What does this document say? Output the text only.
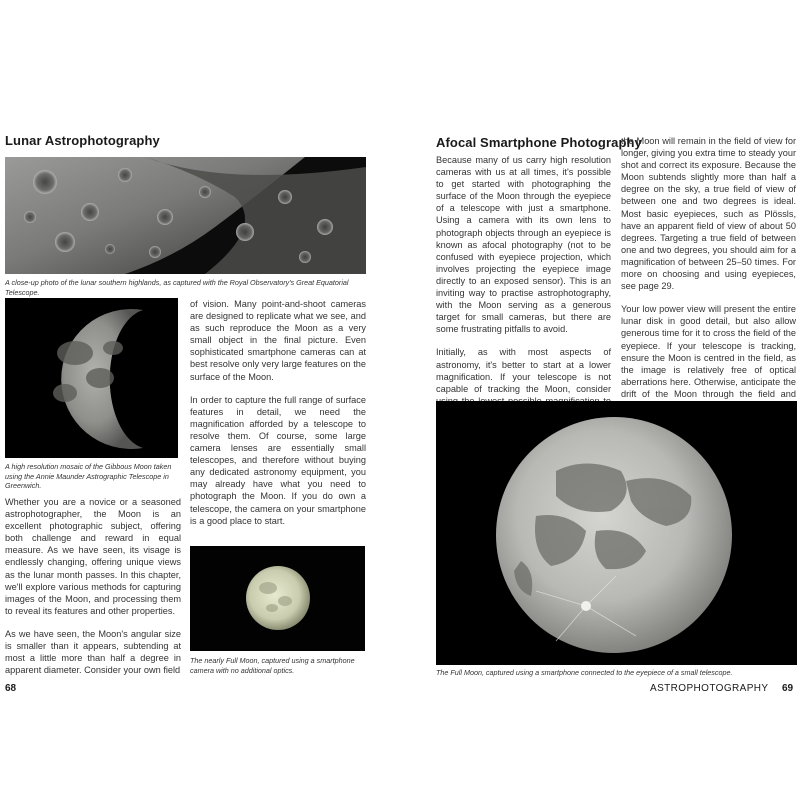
Lunar Astrophotography
A close-up photo of the lunar southern highlands, as captured with the Royal Observatory's Great Equatorial Telescope.
A high resolution mosaic of the Gibbous Moon taken using the Annie Maunder Astrographic Telescope in Greenwich.

Whether you are a novice or a seasoned astrophotographer, the Moon is an excellent photographic subject, offering both challenge and reward in equal measure. As we have seen, its visage is endlessly changing, offering unique views as the lunar month passes. In this chapter, we'll explore various methods for capturing images of the Moon, and processing them to reveal its features and other properties.

As we have seen, the Moon's angular size is smaller than it appears, subtending at most a little more than half a degree in apparent diameter. Consider your own field

of vision. Many point-and-shoot cameras are designed to replicate what we see, and as such reproduce the Moon as a very small object in the final picture. Even sophisticated smartphone cameras can at best resolve only very large features on the surface of the Moon.

In order to capture the full range of surface features in detail, we need the magnification afforded by a telescope to resolve them. Of course, some large camera lenses are essentially small telescopes, and therefore without buying any dedicated astronomy equipment, you may already have what you need to photograph the Moon. If you do own a telescope, the camera on your smartphone is a good place to start.

The nearly Full Moon, captured using a smartphone camera with no additional optics.
68
Afocal Smartphone Photography

Because many of us carry high resolution cameras with us at all times, it's possible to get started with photographing the surface of the Moon through the eyepiece of a telescope with just a smartphone. Using a camera with its own lens to photograph objects through an eyepiece is known as afocal photography (not to be confused with eyepiece projection, which involves projecting the eyepiece image directly to an exposed sensor). This is an inviting way to practise astrophotography, with the Moon serving as a generous target for small cameras, but there are some frustrating pitfalls to avoid.

Initially, as with most aspects of astronomy, it's better to start at a lower magnification. If your telescope is not capable of tracking the Moon, consider

the Moon will remain in the field of view for longer, giving you extra time to steady your shot and correct its exposure. Because the Moon subtends slightly more than half a degree on the sky, a true field of view of between one and two degrees is ideal. Most basic eyepieces, such as Plössls, have an apparent field of view of about 50 degrees. Targeting a true field of between one and two degrees, you should aim for a magnification of between 25–50 times. For more on choosing and using eyepieces, see page 29.

Your low power view will present the entire lunar disk in good detail, but also allow generous time for it to cross the field of the eyepiece. If your telescope is tracking, ensure the Moon is centred in the field, as the image is relatively free of optical aberrations here. Otherwise, anticipate the drift of the Moon through the field and

The Full Moon, captured using a smartphone connected to the eyepiece of a small telescope.
ASTROPHOTOGRAPHY 69
